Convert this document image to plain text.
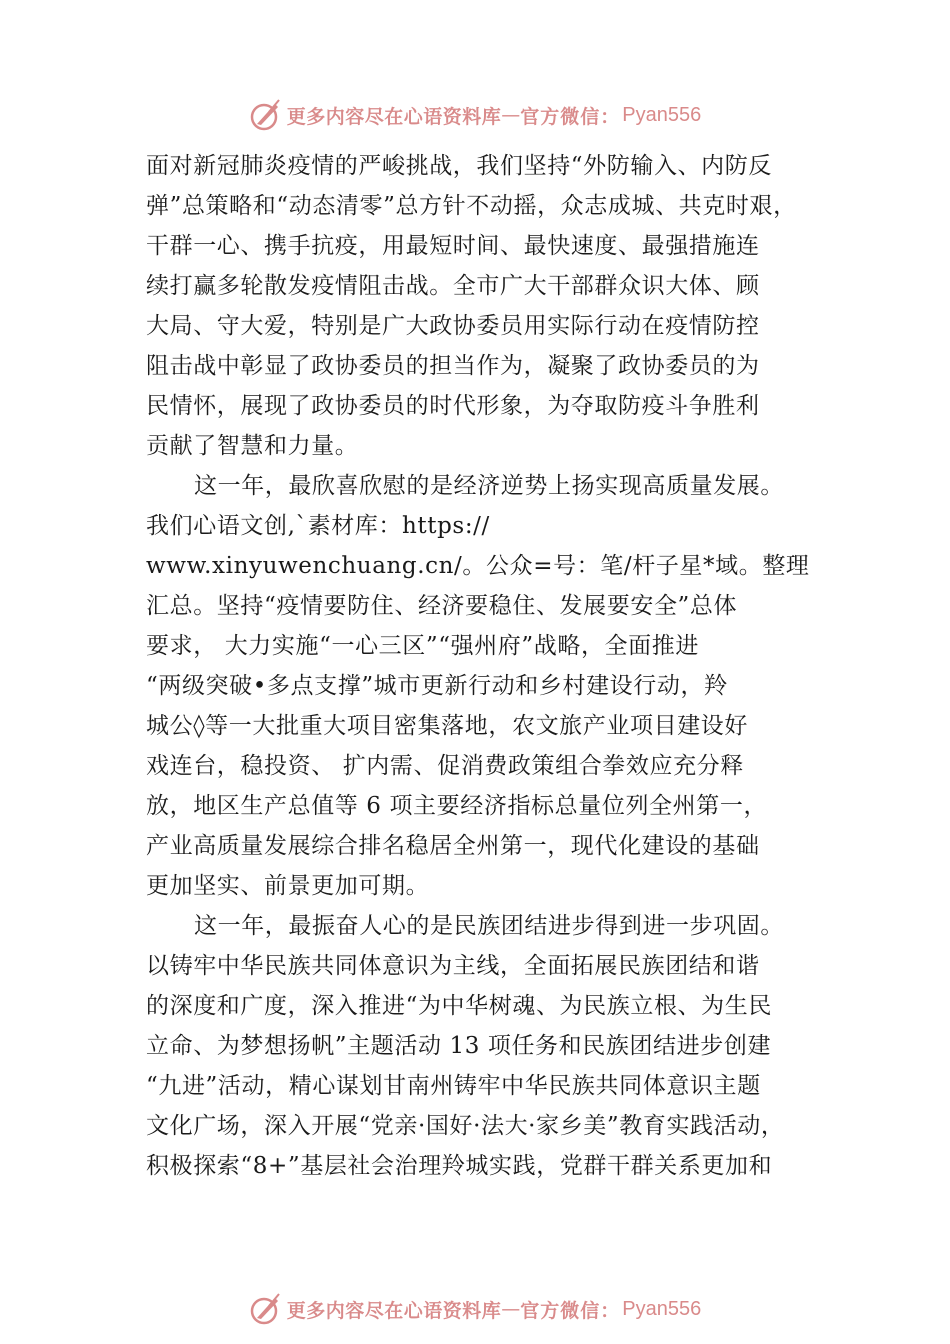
更多内容尽在心语资料库 — 官方微信： Pyan556
面对新冠肺炎疫情的严峻挑战，我们坚持“外防输入、内防反
弹”总策略和“动态清零”总方针不动摇，众志成城、共克时艰，
干群一心、携手抗疫，用最短时间、最快速度、最强措施连
续打赢多轮散发疫情阻击战。全市广大干部群众识大体、顾
大局、守大爱，特别是广大政协委员用实际行动在疫情防控
阻击战中彰显了政协委员的担当作为，凝聚了政协委员的为
民情怀，展现了政协委员的时代形象，为夺取防疫斗争胜利
贡献了智慧和力量。
这一年，最欣喜欣慰的是经济逆势上扬实现高质量发展。
我们心语文创,`素材库：https://
www.xinyuwenchuang.cn/。公众=号：笔/杆子星*域。整理
汇总。坚持“疫情要防住、经济要稳住、发展要安全”总体
要求， 大力实施“一心三区”“强州府”战略，全面推进
“两级突破•多点支撑”城市更新行动和乡村建设行动，羚
城公◊等一大批重大项目密集落地，农文旅产业项目建设好
戏连台，稳投资、 扩内需、促消费政策组合拳效应充分释
放，地区生产总值等 6 项主要经济指标总量位列全州第一，
产业高质量发展综合排名稳居全州第一，现代化建设的基础
更加坚实、前景更加可期。
这一年，最振奋人心的是民族团结进步得到进一步巩固。
以铸牢中华民族共同体意识为主线，全面拓展民族团结和谐
的深度和广度，深入推进“为中华树魂、为民族立根、为生民
立命、为梦想扬帆”主题活动 13 项任务和民族团结进步创建
“九进”活动，精心谋划甘南州铸牢中华民族共同体意识主题
文化广场，深入开展“党亲·国好·法大·家乡美”教育实践活动，
积极探索“8+”基层社会治理羚城实践，党群干群关系更加和
更多内容尽在心语资料库 — 官方微信： Pyan556
